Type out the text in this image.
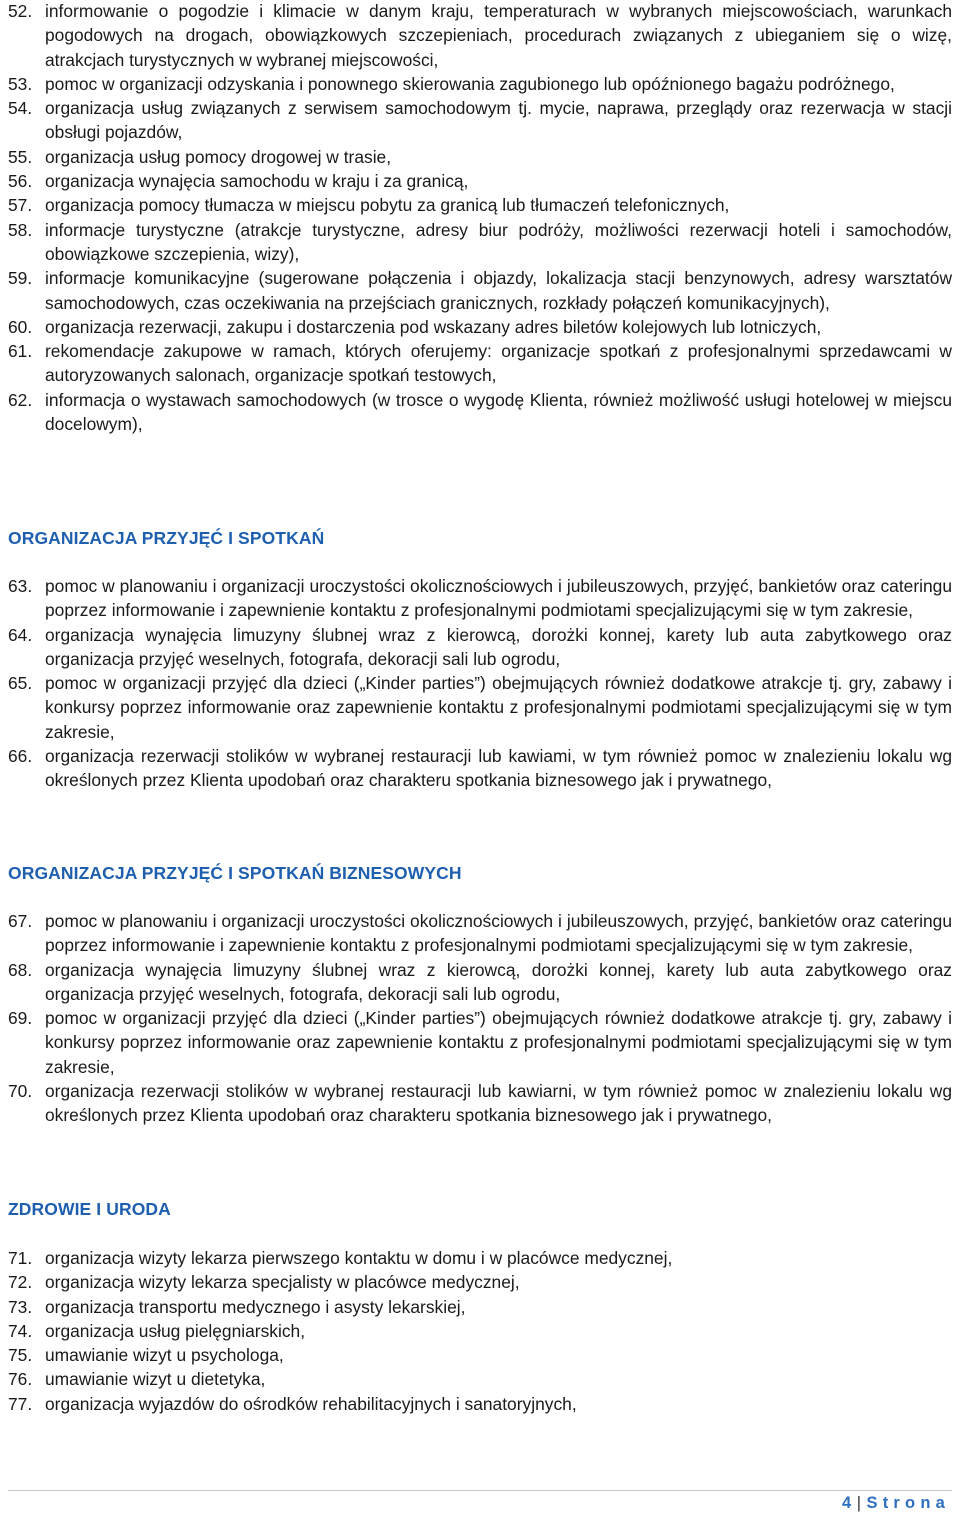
52. informowanie o pogodzie i klimacie w danym kraju, temperaturach w wybranych miejscowościach, warunkach pogodowych na drogach, obowiązkowych szczepieniach, procedurach związanych z ubieganiem się o wizę, atrakcjach turystycznych w wybranej miejscowości,
53. pomoc w organizacji odzyskania i ponownego skierowania zagubionego lub opóźnionego bagażu podróżnego,
54. organizacja usług związanych z serwisem samochodowym tj. mycie, naprawa, przeglądy oraz rezerwacja w stacji obsługi pojazdów,
55. organizacja usług pomocy drogowej w trasie,
56. organizacja wynajęcia samochodu w kraju i za granicą,
57. organizacja pomocy tłumacza w miejscu pobytu za granicą lub tłumaczeń telefonicznych,
58. informacje turystyczne (atrakcje turystyczne, adresy biur podróży, możliwości rezerwacji hoteli i samochodów, obowiązkowe szczepienia, wizy),
59. informacje komunikacyjne (sugerowane połączenia i objazdy, lokalizacja stacji benzynowych, adresy warsztatów samochodowych, czas oczekiwania na przejściach granicznych, rozkłady połączeń komunikacyjnych),
60. organizacja rezerwacji, zakupu i dostarczenia pod wskazany adres biletów kolejowych lub lotniczych,
61. rekomendacje zakupowe w ramach, których oferujemy: organizacje spotkań z profesjonalnymi sprzedawcami w autoryzowanych salonach, organizacje spotkań testowych,
62. informacja o wystawach samochodowych (w trosce o wygodę Klienta, również możliwość usługi hotelowej w miejscu docelowym),
ORGANIZACJA PRZYJĘĆ I SPOTKAŃ
63. pomoc w planowaniu i organizacji uroczystości okolicznościowych i jubileuszowych, przyjęć, bankietów oraz cateringu poprzez informowanie i zapewnienie kontaktu z profesjonalnymi podmiotami specjalizującymi się w tym zakresie,
64. organizacja wynajęcia limuzyny ślubnej wraz z kierowcą, dorożki konnej, karety lub auta zabytkowego oraz organizacja przyjęć weselnych, fotografa, dekoracji sali lub ogrodu,
65. pomoc w organizacji przyjęć dla dzieci („Kinder parties”) obejmujących również dodatkowe atrakcje tj. gry, zabawy i konkursy poprzez informowanie oraz zapewnienie kontaktu z profesjonalnymi podmiotami specjalizującymi się w tym zakresie,
66. organizacja rezerwacji stolików w wybranej restauracji lub kawiami, w tym również pomoc w znalezieniu lokalu wg określonych przez Klienta upodobań oraz charakteru spotkania biznesowego jak i prywatnego,
ORGANIZACJA PRZYJĘĆ I SPOTKAŃ BIZNESOWYCH
67. pomoc w planowaniu i organizacji uroczystości okolicznościowych i jubileuszowych, przyjęć, bankietów oraz cateringu poprzez informowanie i zapewnienie kontaktu z profesjonalnymi podmiotami specjalizującymi się w tym zakresie,
68. organizacja wynajęcia limuzyny ślubnej wraz z kierowcą, dorożki konnej, karety lub auta zabytkowego oraz organizacja przyjęć weselnych, fotografa, dekoracji sali lub ogrodu,
69. pomoc w organizacji przyjęć dla dzieci („Kinder parties”) obejmujących również dodatkowe atrakcje tj. gry, zabawy i konkursy poprzez informowanie oraz zapewnienie kontaktu z profesjonalnymi podmiotami specjalizującymi się w tym zakresie,
70. organizacja rezerwacji stolików w wybranej restauracji lub kawiarni, w tym również pomoc w znalezieniu lokalu wg określonych przez Klienta upodobań oraz charakteru spotkania biznesowego jak i prywatnego,
ZDROWIE I URODA
71. organizacja wizyty lekarza pierwszego kontaktu w domu i w placówce medycznej,
72. organizacja wizyty lekarza specjalisty w placówce medycznej,
73. organizacja transportu medycznego i asysty lekarskiej,
74. organizacja usług pielęgniarskich,
75. umawianie wizyt u psychologa,
76. umawianie wizyt u dietetyka,
77. organizacja wyjazdów do ośrodków rehabilitacyjnych i sanatoryjnych,
4 | Strona
